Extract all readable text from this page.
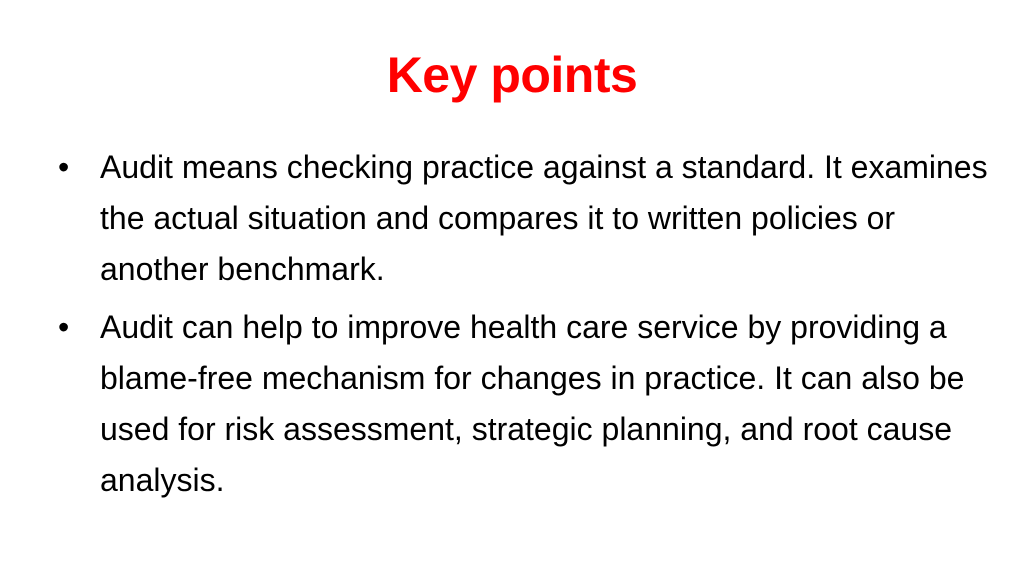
Key points
• Audit means checking practice against a standard. It examines the actual situation and compares it to written policies or another benchmark.
• Audit can help to improve health care service by providing a blame-free mechanism for changes in practice. It can also be used for risk assessment, strategic planning, and root cause analysis.
